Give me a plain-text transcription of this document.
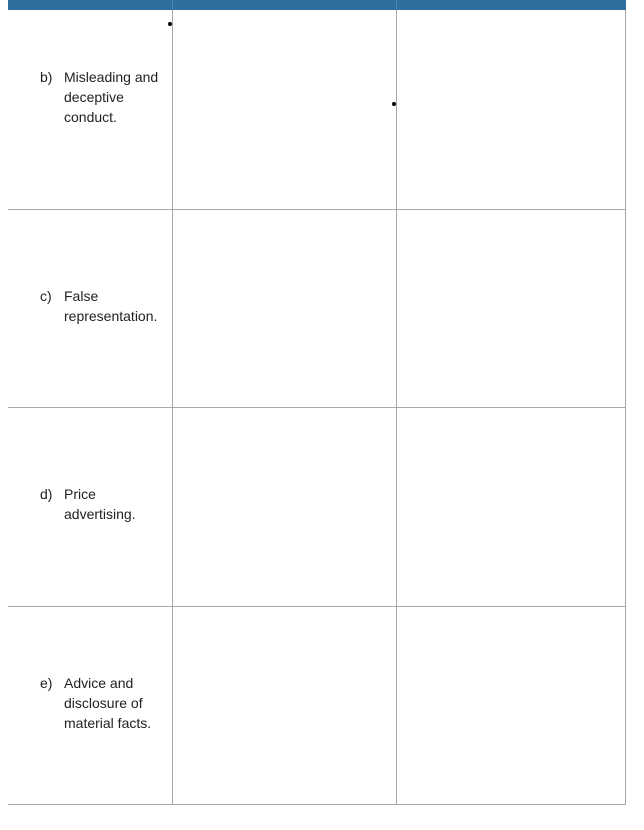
b) Misleading and
deceptive
conduct.
c) False
representation.
d) Price
advertising.
e) Advice and
disclosure of
material facts.
